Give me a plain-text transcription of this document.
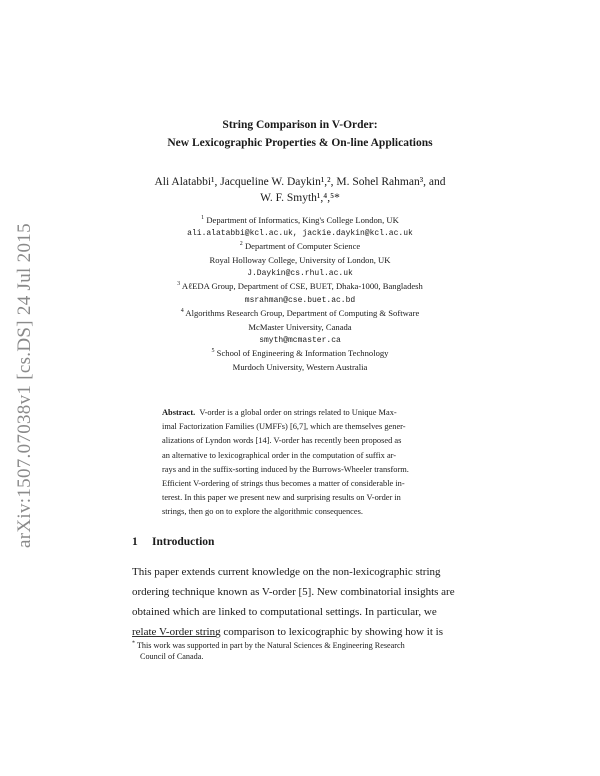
arXiv:1507.07038v1 [cs.DS] 24 Jul 2015
String Comparison in V-Order:
New Lexicographic Properties & On-line Applications
Ali Alatabbi¹, Jacqueline W. Daykin¹,², M. Sohel Rahman³, and
W. F. Smyth¹,⁴,⁵*
$^1$ Department of Informatics, King's College London, UK
ali.alatabbi@kcl.ac.uk, jackie.daykin@kcl.ac.uk
$^2$ Department of Computer Science
Royal Holloway College, University of London, UK
J.Daykin@cs.rhul.ac.uk
$^3$ AℓEDA Group, Department of CSE, BUET, Dhaka-1000, Bangladesh
msrahman@cse.buet.ac.bd
$^4$ Algorithms Research Group, Department of Computing & Software
McMaster University, Canada
smyth@mcmaster.ca
$^5$ School of Engineering & Information Technology
Murdoch University, Western Australia
Abstract. V-order is a global order on strings related to Unique Max-
imal Factorization Families (UMFFs) [6,7], which are themselves gener-
alizations of Lyndon words [14]. V-order has recently been proposed as
an alternative to lexicographical order in the computation of suffix ar-
rays and in the suffix-sorting induced by the Burrows-Wheeler transform.
Efficient V-ordering of strings thus becomes a matter of considerable in-
terest. In this paper we present new and surprising results on V-order in
strings, then go on to explore the algorithmic consequences.
1 Introduction
This paper extends current knowledge on the non-lexicographic string
ordering technique known as V-order [5]. New combinatorial insights are
obtained which are linked to computational settings. In particular, we
relate V-order string comparison to lexicographic by showing how it is
* This work was supported in part by the Natural Sciences & Engineering Research
Council of Canada.
